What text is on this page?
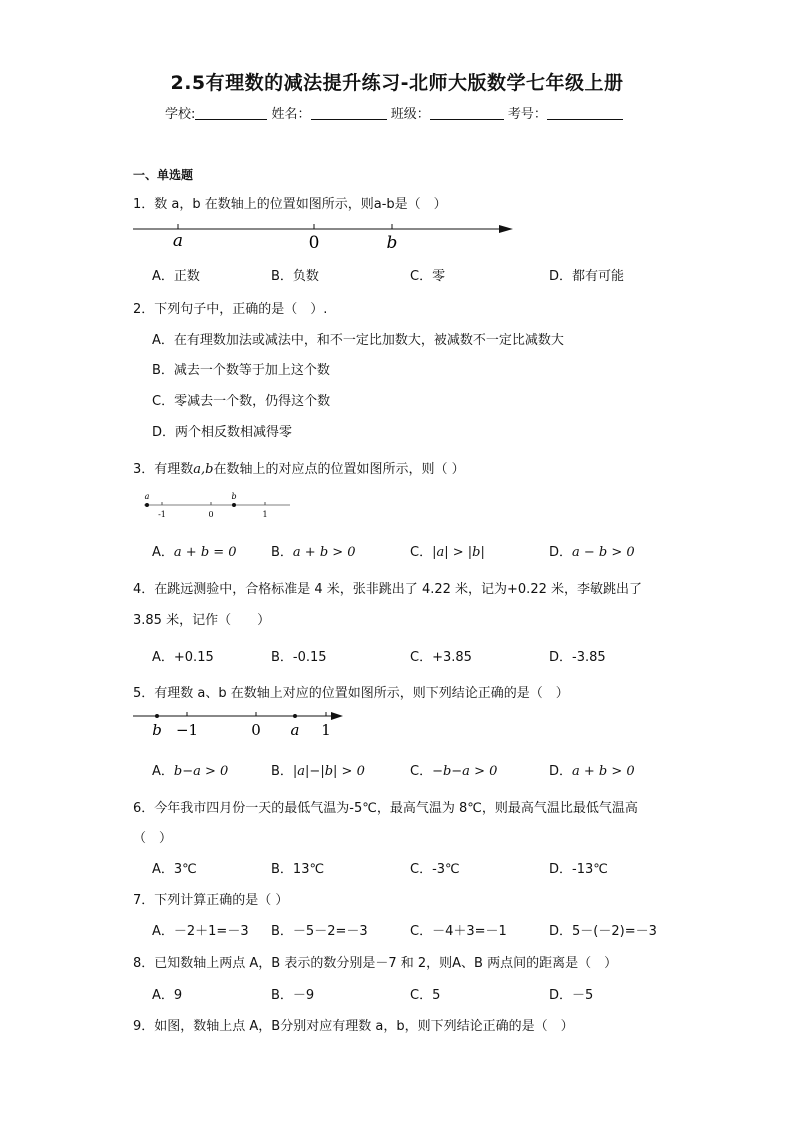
2.5有理数的减法提升练习-北师大版数学七年级上册
学校:	姓名：	班级：	考号：
一、单选题
1．数 a，b 在数轴上的位置如图所示，则a-b是（　）
a	0	b
A．正数	B．负数	C．零	D．都有可能
2．下列句子中，正确的是（　）.
A．在有理数加法或减法中，和不一定比加数大，被减数不一定比减数大
B．减去一个数等于加上这个数
C．零减去一个数，仍得这个数
D．两个相反数相减得零
3．有理数a,b在数轴上的对应点的位置如图所示，则（ ）
a	b
-1	0	1
A．a + b = 0	B．a + b > 0	C．|a| > |b|	D．a − b > 0
4．在跳远测验中，合格标准是 4 米，张非跳出了 4.22 米，记为+0.22 米，李敏跳出了
3.85 米，记作（　　）
A．+0.15	B．-0.15	C．+3.85	D．-3.85
5．有理数 a、b 在数轴上对应的位置如图所示，则下列结论正确的是（　）
b −1	0 a 1
A．b−a > 0	B．|a|−|b| > 0	C．−b−a > 0	D．a + b > 0
6．今年我市四月份一天的最低气温为-5℃，最高气温为 8℃，则最高气温比最低气温高
（　）
A．3℃	B．13℃	C．-3℃	D．-13℃
7．下列计算正确的是（ ）
A．－2＋1=－3 B．－5－2=－3	C．－4＋3=－1	D．5－(－2)=－3
8．已知数轴上两点 A，B 表示的数分别是－7 和 2，则A、B 两点间的距离是（　）
A．9	B．－9	C．5	D．－5
9．如图，数轴上点 A，B分别对应有理数 a，b，则下列结论正确的是（　）
